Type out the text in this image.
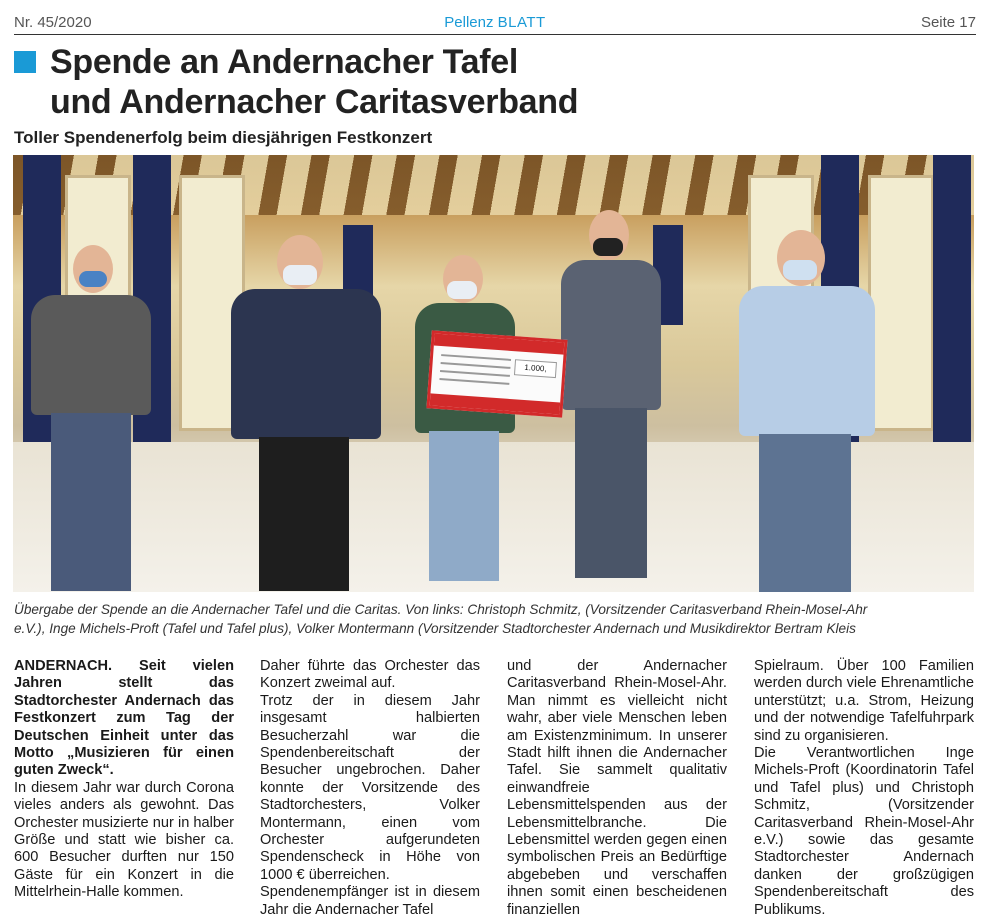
Nr. 45/2020	Pellenz BLATT	Seite 17
Spende an Andernacher Tafel
und Andernacher Caritasverband
Toller Spendenerfolg beim diesjährigen Festkonzert
1.000,
Übergabe der Spende an die Andernacher Tafel und die Caritas. Von links: Christoph Schmitz, (Vorsitzender Caritasverband Rhein-Mosel-Ahr
e.V.), Inge Michels-Proft (Tafel und Tafel plus), Volker Montermann (Vorsitzender Stadtorchester Andernach und Musikdirektor Bertram Kleis

ANDERNACH. Seit vielen Jahren stellt das Stadtorchester Andernach das Festkonzert zum Tag der Deutschen Einheit unter das Motto „Musizieren für einen guten Zweck“.

In diesem Jahr war durch Corona vieles anders als gewohnt. Das Orchester musizierte nur in halber Größe und statt wie bisher ca. 600 Besucher durften nur 150 Gäste für ein Konzert in die Mittelrhein-Halle kommen.

Daher führte das Orchester das Konzert zweimal auf.

Trotz der in diesem Jahr insgesamt halbierten Besucherzahl war die Spendenbereitschaft der Besucher ungebrochen. Daher konnte der Vorsitzende des Stadtorchesters, Volker Montermann, einen vom Orchester aufgerundeten Spendenscheck in Höhe von 1000 € überreichen.

Spendenempfänger ist in diesem Jahr die Andernacher Tafel

und der Andernacher Caritasverband Rhein-Mosel-Ahr. Man nimmt es vielleicht nicht wahr, aber viele Menschen leben am Existenzminimum. In unserer Stadt hilft ihnen die Andernacher Tafel. Sie sammelt qualitativ einwandfreie Lebensmittelspenden aus der Lebensmittelbranche. Die Lebensmittel werden gegen einen symbolischen Preis an Bedürftige abgebeben und verschaffen ihnen somit einen bescheidenen finanziellen

Spielraum. Über 100 Familien werden durch viele Ehrenamtliche unterstützt; u.a. Strom, Heizung und der notwendige Tafelfuhrpark sind zu organisieren.

Die Verantwortlichen Inge Michels-Proft (Koordinatorin Tafel und Tafel plus) und Christoph Schmitz, (Vorsitzender Caritasverband Rhein-Mosel-Ahr e.V.) sowie das gesamte Stadtorchester Andernach danken der großzügigen Spendenbereitschaft des Publikums.
